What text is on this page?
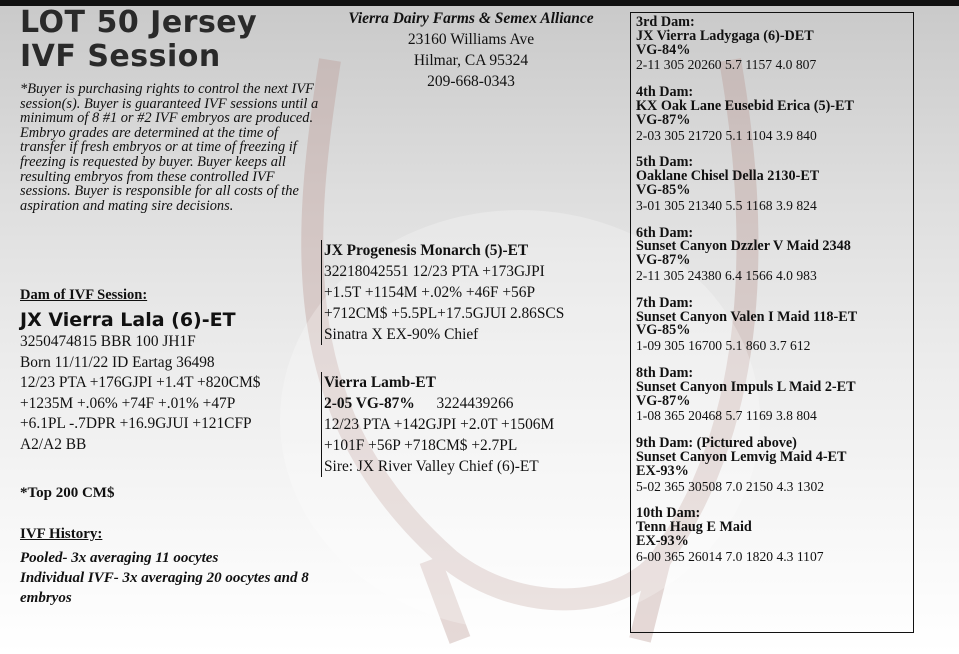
LOT 50 Jersey
IVF Session
*Buyer is purchasing rights to control the next IVF session(s). Buyer is guaranteed IVF sessions until a minimum of 8 #1 or #2 IVF embryos are produced. Embryo grades are determined at the time of transfer if fresh embryos or at time of freezing if freezing is requested by buyer. Buyer keeps all resulting embryos from these controlled IVF sessions. Buyer is responsible for all costs of the aspiration and mating sire decisions.
Dam of IVF Session:
JX Vierra Lala (6)-ET
3250474815 BBR 100 JH1F
Born 11/11/22 ID Eartag 36498
12/23 PTA +176GJPI +1.4T +820CM$
+1235M +.06% +74F +.01% +47P
+6.1PL -.7DPR +16.9GJUI +121CFP
A2/A2 BB
*Top 200 CM$
IVF History:
Pooled- 3x averaging 11 oocytes
Individual IVF- 3x averaging 20 oocytes and 8 embryos
Vierra Dairy Farms & Semex Alliance
23160 Williams Ave
Hilmar, CA 95324
209-668-0343
JX Progenesis Monarch (5)-ET
32218042551 12/23 PTA +173GJPI
+1.5T +1154M +.02% +46F +56P
+712CM$ +5.5PL+17.5GJUI 2.86SCS
Sinatra X EX-90% Chief
Vierra Lamb-ET
2-05 VG-87% 3224439266
12/23 PTA +142GJPI +2.0T +1506M
+101F +56P +718CM$ +2.7PL
Sire: JX River Valley Chief (6)-ET
3rd Dam:
JX Vierra Ladygaga (6)-DET
VG-84%
2-11 305 20260 5.7 1157 4.0 807
4th Dam:
KX Oak Lane Eusebid Erica (5)-ET
VG-87%
2-03 305 21720 5.1 1104 3.9 840
5th Dam:
Oaklane Chisel Della 2130-ET
VG-85%
3-01 305 21340 5.5 1168 3.9 824
6th Dam:
Sunset Canyon Dzzler V Maid 2348
VG-87%
2-11 305 24380 6.4 1566 4.0 983
7th Dam:
Sunset Canyon Valen I Maid 118-ET
VG-85%
1-09 305 16700 5.1 860 3.7 612
8th Dam:
Sunset Canyon Impuls L Maid 2-ET
VG-87%
1-08 365 20468 5.7 1169 3.8 804
9th Dam: (Pictured above)
Sunset Canyon Lemvig Maid 4-ET
EX-93%
5-02 365 30508 7.0 2150 4.3 1302
10th Dam:
Tenn Haug E Maid
EX-93%
6-00 365 26014 7.0 1820 4.3 1107
